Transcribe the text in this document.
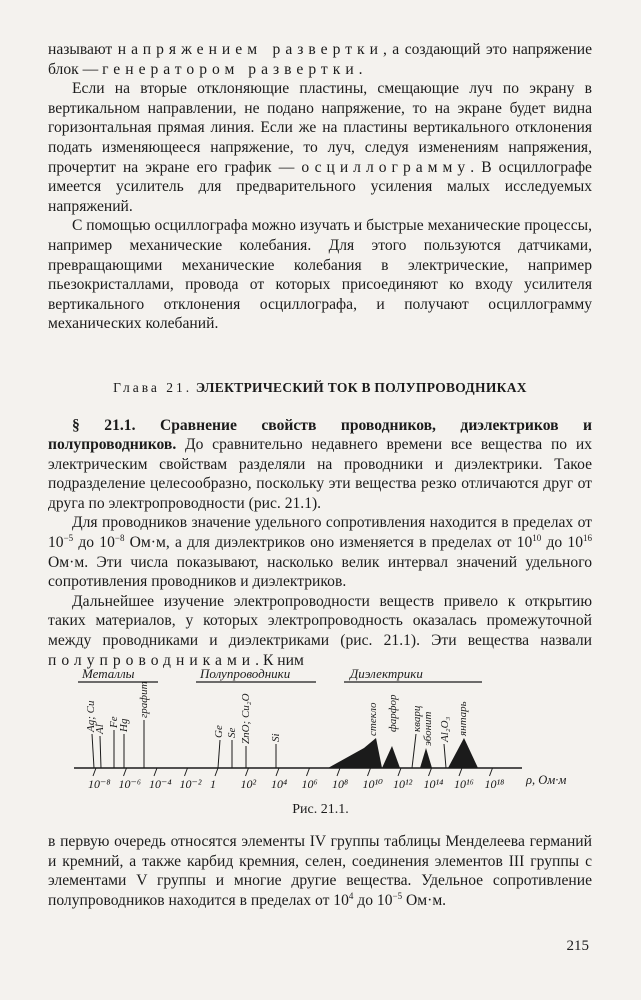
называют напряжением развертки, а создающий это напряжение блок — генератором развертки.

Если на вторые отклоняющие пластины, смещающие луч по экрану в вертикальном направлении, не подано напряжение, то на экране будет видна горизонтальная прямая линия. Если же на пластины вертикального отклонения подать изменяющееся напряжение, то луч, следуя изменениям напряжения, прочертит на экране его график — осциллограмму. В осциллографе имеется усилитель для предварительного усиления малых исследуемых напряжений.

С помощью осциллографа можно изучать и быстрые механические процессы, например механические колебания. Для этого пользуются датчиками, превращающими механические колебания в электрические, например пьезокристаллами, провода от которых присоединяют ко входу усилителя вертикального отклонения осциллографа, и получают осциллограмму механических колебаний.

Глава 21. ЭЛЕКТРИЧЕСКИЙ ТОК В ПОЛУПРОВОДНИКАХ

§ 21.1. Сравнение свойств проводников, диэлектриков и полупроводников. До сравнительно недавнего времени все вещества по их электрическим свойствам разделяли на проводники и диэлектрики. Такое подразделение целесообразно, поскольку эти вещества резко отличаются друг от друга по электропроводности (рис. 21.1).

Для проводников значение удельного сопротивления находится в пределах от $10^{-5}$ до $10^{-8}$ Ом·м, а для диэлектриков оно изменяется в пределах от $10^{10}$ до $10^{16}$ Ом·м. Эти числа показывают, насколько велик интервал значений удельного сопротивления проводников и диэлектриков.

Дальнейшее изучение электропроводности веществ привело к открытию таких материалов, у которых электропроводность оказалась промежуточной между проводниками и диэлектриками (рис. 21.1). Эти вещества назвали полупроводниками. К ним

Металлы	Полупроводники	Диэлектрики
Ag; Cu
Al
Fe
Hg
графит
Ge Se ZnO; Cu₂O Si
стекло фарфор кварц эбонит Al₂O₃ янтарь
10⁻⁸ 10⁻⁶ 10⁻⁴ 10⁻² 1 10² 10⁴ 10⁶ 10⁸ 10¹⁰ 10¹² 10¹⁴ 10¹⁶ 10¹⁸ ρ, Ом·м
Рис. 21.1.

в первую очередь относятся элементы IV группы таблицы Менделеева германий и кремний, а также карбид кремния, селен, соединения элементов III группы с элементами V группы и многие другие вещества. Удельное сопротивление полупроводников находится в пределах от $10^4$ до $10^{-5}$ Ом·м.

215
